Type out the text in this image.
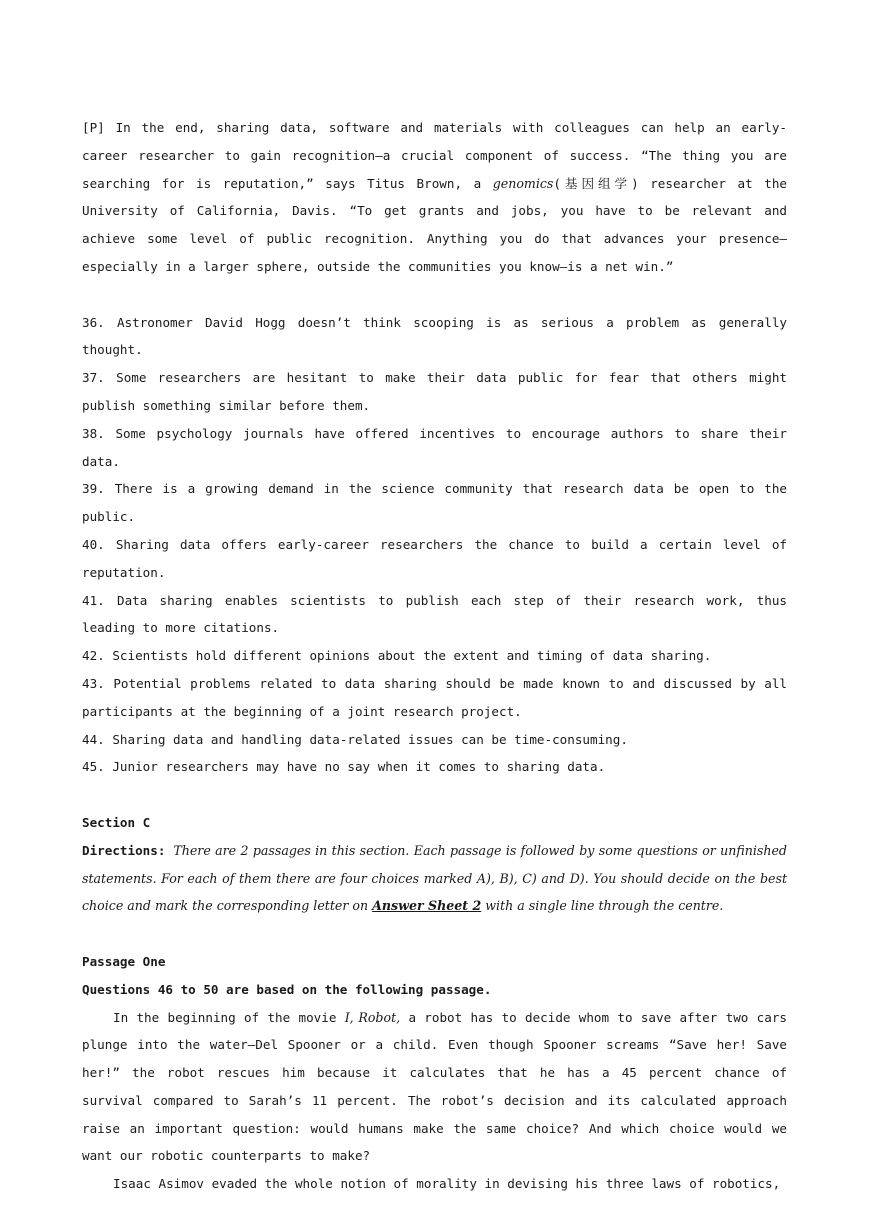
[P] In the end, sharing data, software and materials with colleagues can help an early-career researcher to gain recognition—a crucial component of success. “The thing you are searching for is reputation,” says Titus Brown, a genomics(基因组学) researcher at the University of California, Davis. “To get grants and jobs, you have to be relevant and achieve some level of public recognition. Anything you do that advances your presence—especially in a larger sphere, outside the communities you know—is a net win.”

36. Astronomer David Hogg doesn’t think scooping is as serious a problem as generally thought.

37. Some researchers are hesitant to make their data public for fear that others might publish something similar before them.

38. Some psychology journals have offered incentives to encourage authors to share their data.

39. There is a growing demand in the science community that research data be open to the public.

40. Sharing data offers early-career researchers the chance to build a certain level of reputation.

41. Data sharing enables scientists to publish each step of their research work, thus leading to more citations.

42. Scientists hold different opinions about the extent and timing of data sharing.

43. Potential problems related to data sharing should be made known to and discussed by all participants at the beginning of a joint research project.

44. Sharing data and handling data-related issues can be time-consuming.

45. Junior researchers may have no say when it comes to sharing data.

Section C

Directions: There are 2 passages in this section. Each passage is followed by some questions or unfinished statements. For each of them there are four choices marked A), B), C) and D). You should decide on the best choice and mark the corresponding letter on Answer Sheet 2 with a single line through the centre.

Passage One

Questions 46 to 50 are based on the following passage.

In the beginning of the movie I, Robot, a robot has to decide whom to save after two cars plunge into the water—Del Spooner or a child. Even though Spooner screams “Save her! Save her!” the robot rescues him because it calculates that he has a 45 percent chance of survival compared to Sarah’s 11 percent. The robot’s decision and its calculated approach raise an important question: would humans make the same choice? And which choice would we want our robotic counterparts to make?

Isaac Asimov evaded the whole notion of morality in devising his three laws of robotics,
